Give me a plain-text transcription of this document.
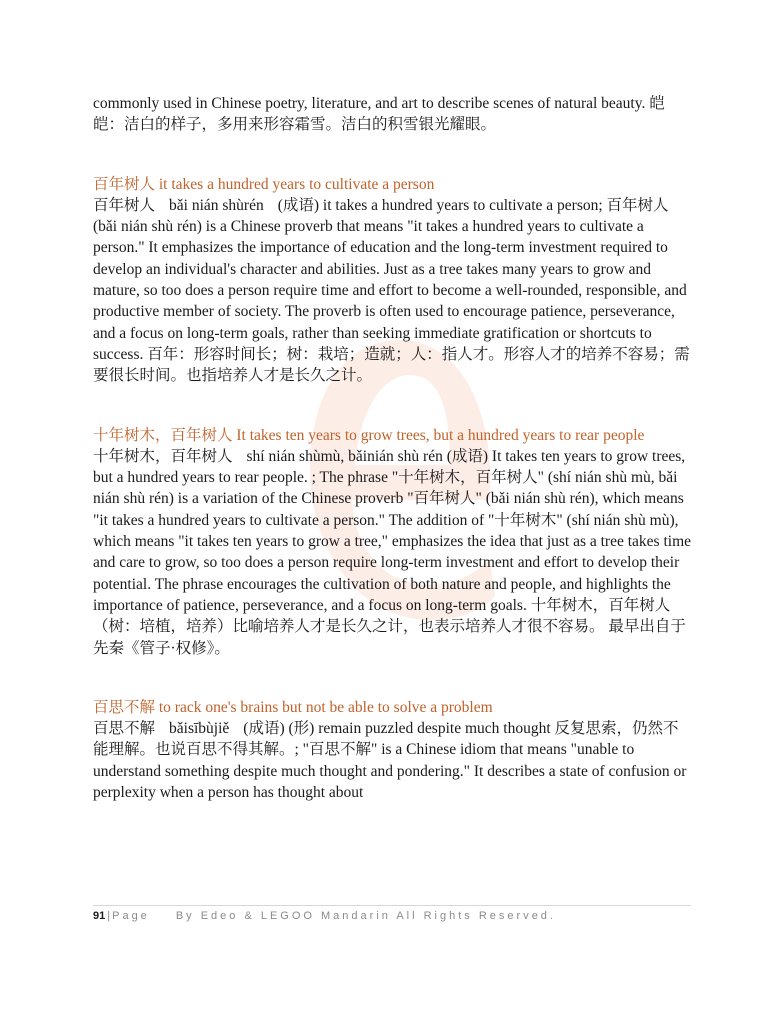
commonly used in Chinese poetry, literature, and art to describe scenes of natural beauty. 皑皑：洁白的样子，多用来形容霜雪。洁白的积雪银光耀眼。

百年树人 it takes a hundred years to cultivate a person

百年树人 bǎi nián shùrén (成语) it takes a hundred years to cultivate a person; 百年树人 (bǎi nián shù rén) is a Chinese proverb that means "it takes a hundred years to cultivate a person." It emphasizes the importance of education and the long-term investment required to develop an individual's character and abilities. Just as a tree takes many years to grow and mature, so too does a person require time and effort to become a well-rounded, responsible, and productive member of society. The proverb is often used to encourage patience, perseverance, and a focus on long-term goals, rather than seeking immediate gratification or shortcuts to success. 百年：形容时间长；树：栽培；造就；人：指人才。形容人才的培养不容易；需要很长时间。也指培养人才是长久之计。

十年树木，百年树人 It takes ten years to grow trees, but a hundred years to rear people

十年树木，百年树人 shí nián shùmù, bǎinián shù rén (成语) It takes ten years to grow trees, but a hundred years to rear people. ; The phrase "十年树木，百年树人" (shí nián shù mù, bǎi nián shù rén) is a variation of the Chinese proverb "百年树人" (bǎi nián shù rén), which means "it takes a hundred years to cultivate a person." The addition of "十年树木" (shí nián shù mù), which means "it takes ten years to grow a tree," emphasizes the idea that just as a tree takes time and care to grow, so too does a person require long-term investment and effort to develop their potential. The phrase encourages the cultivation of both nature and people, and highlights the importance of patience, perseverance, and a focus on long-term goals. 十年树木，百年树人（树：培植，培养）比喻培养人才是长久之计，也表示培养人才很不容易。 最早出自于先秦《管子·权修》。

百思不解 to rack one's brains but not be able to solve a problem

百思不解 bǎisībùjiě (成语) (形) remain puzzled despite much thought 反复思索，仍然不能理解。也说百思不得其解。; "百思不解" is a Chinese idiom that means "unable to understand something despite much thought and pondering." It describes a state of confusion or perplexity when a person has thought about

91 | Page By Edeo & LEGOO Mandarin All Rights Reserved.
